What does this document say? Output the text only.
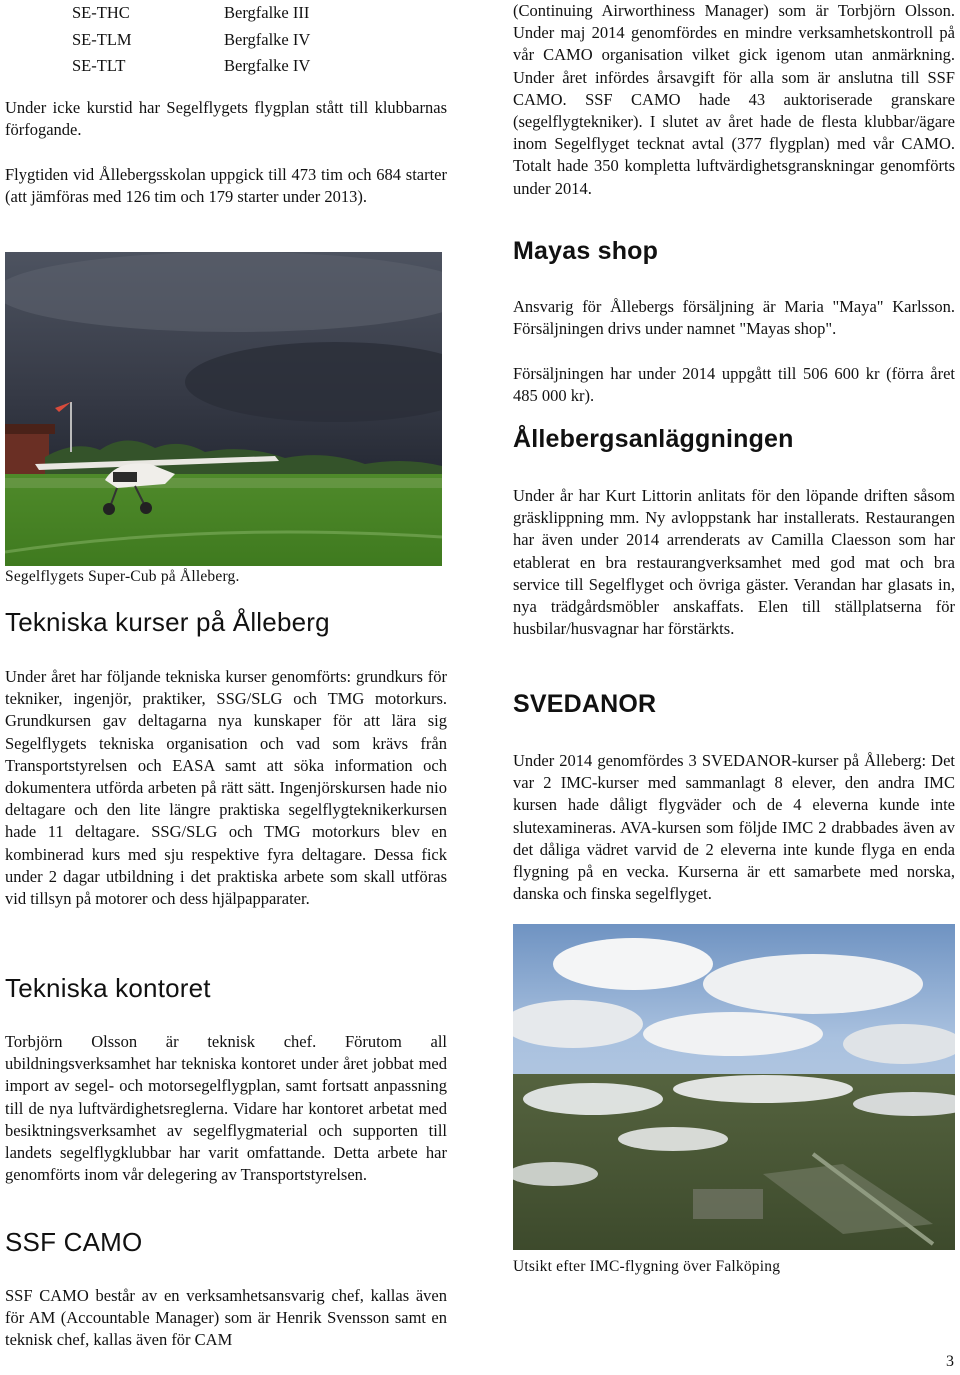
SE-THC	Bergfalke III
SE-TLM	Bergfalke IV
SE-TLT	Bergfalke IV

Under icke kurstid har Segelflygets flygplan stått till klubbarnas förfogande.

Flygtiden vid Ållebergsskolan uppgick till 473 tim och 684 starter (att jämföras med 126 tim och 179 starter under 2013).

Segelflygets Super-Cub på Ålleberg.
Tekniska kurser på Ålleberg

Under året har följande tekniska kurser genomförts: grundkurs för tekniker, ingenjör, praktiker, SSG/SLG och TMG motorkurs. Grundkursen gav deltagarna nya kunskaper för att lära sig Segelflygets tekniska organisation och vad som krävs från Transportstyrelsen och EASA samt att söka information och dokumentera utförda arbeten på rätt sätt. Ingenjörskursen hade nio deltagare och den lite längre praktiska segelflygteknikerkursen hade 11 deltagare. SSG/SLG och TMG motorkurs blev en kombinerad kurs med sju respektive fyra deltagare. Dessa fick under 2 dagar utbildning i det praktiska arbete som skall utföras vid tillsyn på motorer och dess hjälpapparater.

Tekniska kontoret

Torbjörn Olsson är teknisk chef. Förutom all ubildningsverksamhet har tekniska kontoret under året jobbat med import av segel- och motorsegelflygplan, samt fortsatt anpassning till de nya luftvärdighetsreglerna. Vidare har kontoret arbetat med besiktningsverksamhet av segelflygmaterial och supporten till landets segelflygklubbar har varit omfattande. Detta arbete har genomförts inom vår delegering av Transportstyrelsen.

SSF CAMO

SSF CAMO består av en verksamhetsansvarig chef, kallas även för AM (Accountable Manager) som är Henrik Svensson samt en teknisk chef, kallas även för CAM

(Continuing Airworthiness Manager) som är Torbjörn Olsson. Under maj 2014 genomfördes en mindre verksamhetskontroll på vår CAMO organisation vilket gick igenom utan anmärkning. Under året infördes årsavgift för alla som är anslutna till SSF CAMO. SSF CAMO hade 43 auktoriserade granskare (segelflygtekniker). I slutet av året hade de flesta klubbar/ägare inom Segelflyget tecknat avtal (377 flygplan) med vår CAMO. Totalt hade 350 kompletta luftvärdighetsgranskningar genomförts under 2014.

Mayas shop

Ansvarig för Ållebergs försäljning är Maria "Maya" Karlsson. Försäljningen drivs under namnet "Mayas shop".

Försäljningen har under 2014 uppgått till 506 600 kr (förra året 485 000 kr).

Ållebergsanläggningen

Under år har Kurt Littorin anlitats för den löpande driften såsom gräsklippning mm. Ny avloppstank har installerats. Restaurangen har även under 2014 arrenderats av Camilla Claesson som har etablerat en bra restaurangverksamhet med god mat och bra service till Segelflyget och övriga gäster. Verandan har glasats in, nya trädgårdsmöbler anskaffats. Elen till ställplatserna för husbilar/husvagnar har förstärkts.

SVEDANOR

Under 2014 genomfördes 3 SVEDANOR-kurser på Ålleberg: Det var 2 IMC-kurser med sammanlagt 8 elever, den andra IMC kursen hade dåligt flygväder och de 4 eleverna kunde inte slutexamineras. AVA-kursen som följde IMC 2 drabbades även av det dåliga vädret varvid de 2 eleverna inte kunde flyga en enda flygning på en vecka. Kurserna är ett samarbete med norska, danska och finska segelflyget.

Utsikt efter IMC-flygning över Falköping
3
